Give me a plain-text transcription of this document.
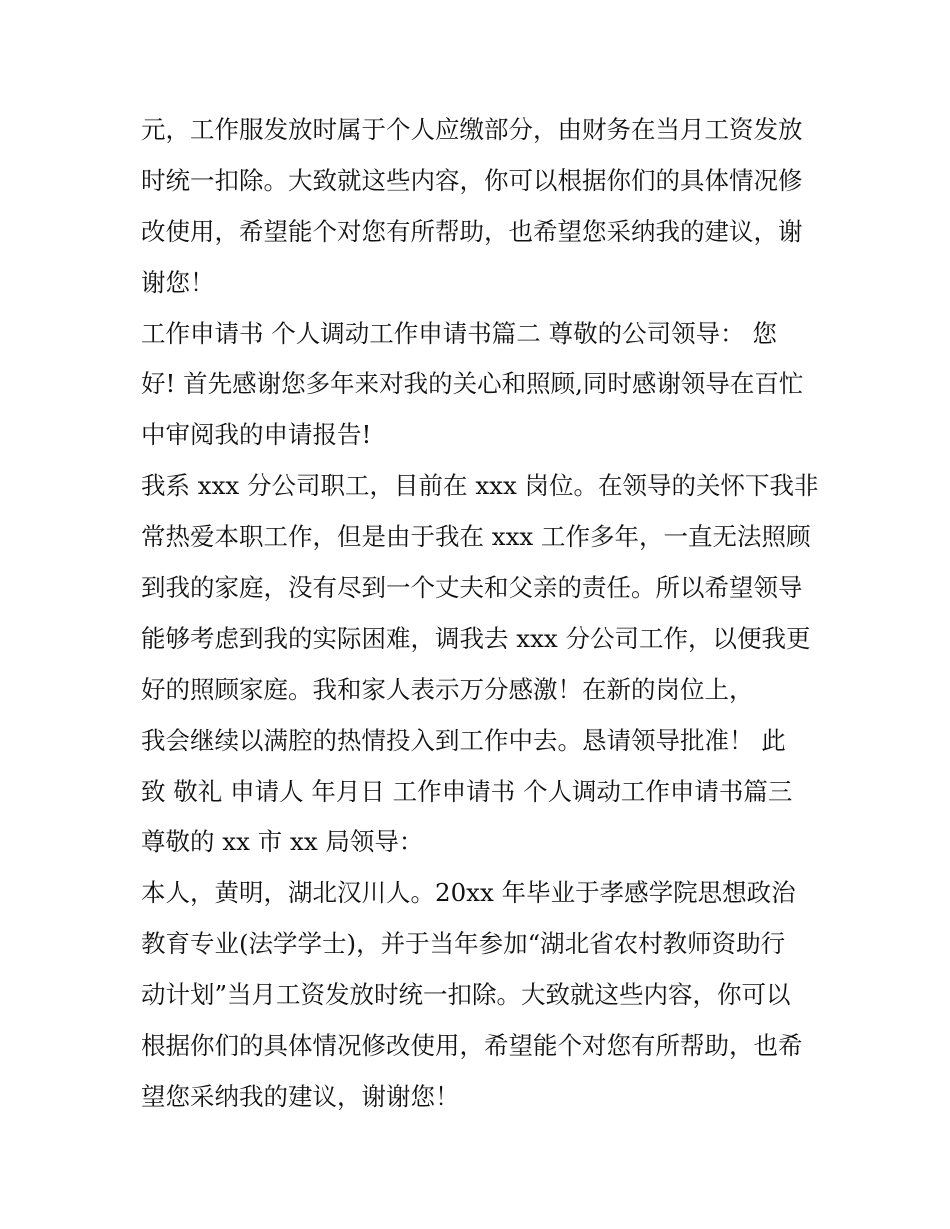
元，工作服发放时属于个人应缴部分，由财务在当月工资发放
时统一扣除。大致就这些内容，你可以根据你们的具体情况修
改使用，希望能个对您有所帮助，也希望您采纳我的建议，谢
谢您！
工作申请书 个人调动工作申请书篇二 尊敬的公司领导： 您
好! 首先感谢您多年来对我的关心和照顾,同时感谢领导在百忙
中审阅我的申请报告!
我系 xxx 分公司职工，目前在 xxx 岗位。在领导的关怀下我非
常热爱本职工作，但是由于我在 xxx 工作多年，一直无法照顾
到我的家庭，没有尽到一个丈夫和父亲的责任。所以希望领导
能够考虑到我的实际困难，调我去 xxx 分公司工作，以便我更
好的照顾家庭。我和家人表示万分感激！在新的岗位上，
我会继续以满腔的热情投入到工作中去。恳请领导批准！ 此
致 敬礼 申请人 年月日 工作申请书 个人调动工作申请书篇三
尊敬的 xx 市 xx 局领导：
本人，黄明，湖北汉川人。20xx 年毕业于孝感学院思想政治
教育专业(法学学士)，并于当年参加“湖北省农村教师资助行
动计划”当月工资发放时统一扣除。大致就这些内容，你可以
根据你们的具体情况修改使用，希望能个对您有所帮助，也希
望您采纳我的建议，谢谢您！
